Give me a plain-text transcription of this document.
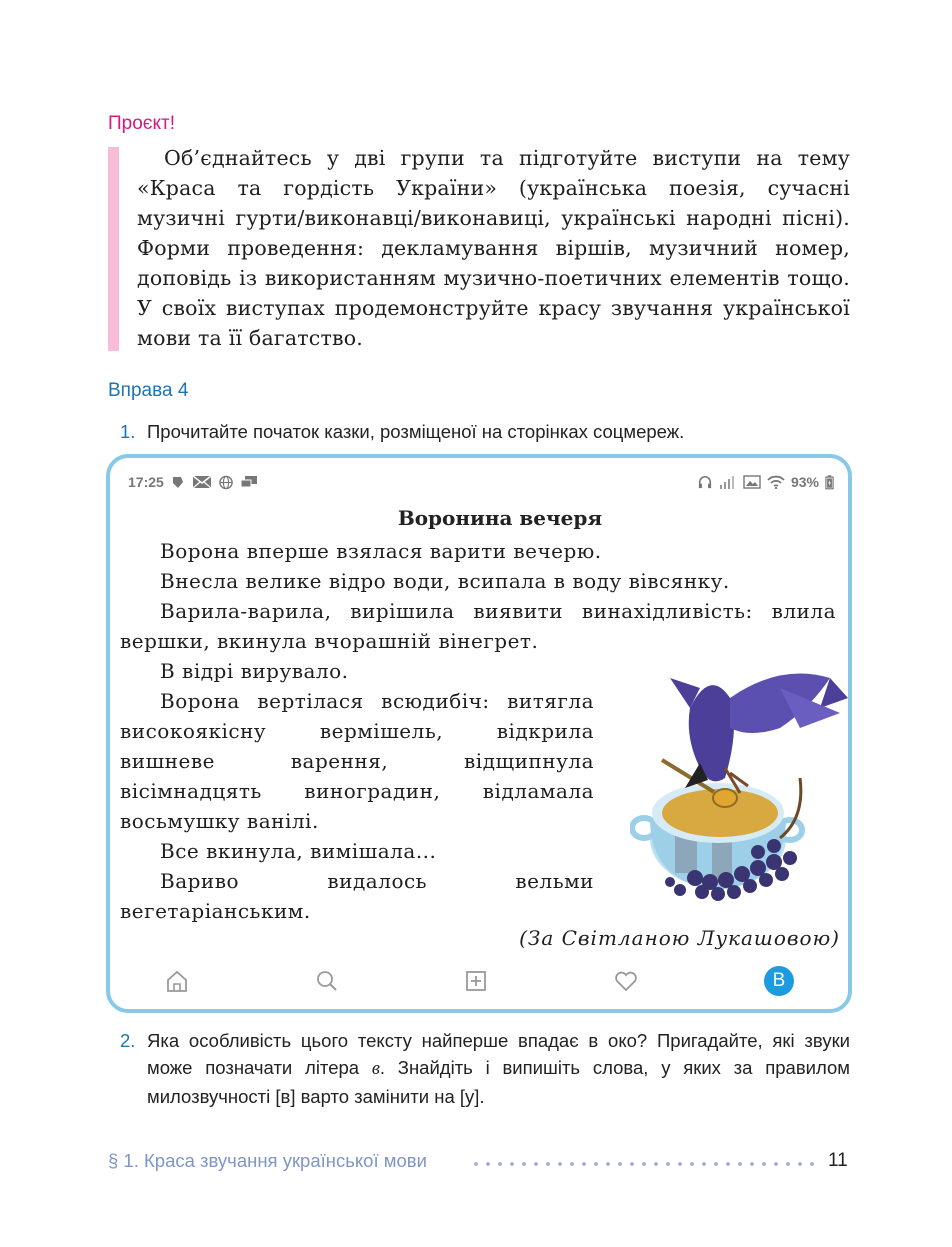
Проєкт!
Об’єднайтесь у дві групи та підготуйте виступи на тему «Краса та гордість України» (українська поезія, сучасні музичні гурти/виконавці/виконавиці, українські народні пісні). Форми проведення: декламування віршів, музичний номер, доповідь із використанням музично-поетичних елементів тощо. У своїх виступах продемонструйте красу звучання української мови та її багатство.
Вправа 4
1. Прочитайте початок казки, розміщеної на сторінках соцмереж.
17:25	93%
Воронина вечеря

Ворона вперше взялася варити вечерю.

Внесла велике відро води, всипала в воду вівсянку.

Варила-варила, вирішила виявити винахідливість: влила вершки, вкинула вчорашній вінегрет.

В відрі вирувало.

Ворона вертілася всюдибіч: витягла високоякісну вермішель, відкрила вишневе варення, відщипнула вісімнадцять виноградин, відламала восьмушку ванілі.

Все вкинула, вимішала...

Вариво видалось вельми вегетаріанським.

(За Світланою Лукашовою)
B
2. Яка особливість цього тексту найперше впадає в око? Пригадайте, які звуки може позначати літера в. Знайдіть і випишіть слова, у яких за правилом милозвучності [в] варто замінити на [у].
§ 1. Краса звучання української мови	11
